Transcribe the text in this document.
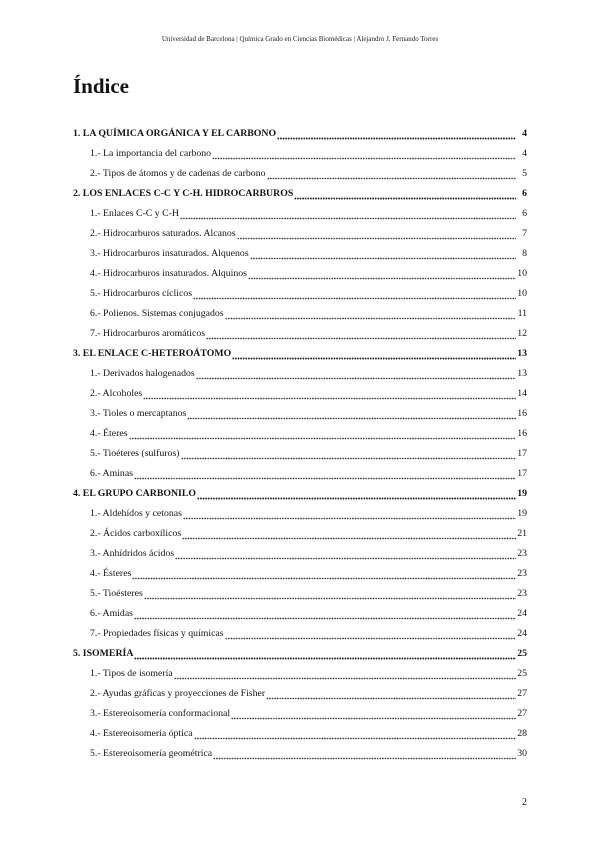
Universidad de Barcelona | Química Grado en Ciencias Biomédicas | Alejandro J. Fernando Torres
Índice
1. LA QUÍMICA ORGÁNICA Y EL CARBONO	4
1.- La importancia del carbono	4
2.- Tipos de átomos y de cadenas de carbono	5
2. LOS ENLACES C-C Y C-H. HIDROCARBUROS	6
1.- Enlaces C-C y C-H	6
2.- Hidrocarburos saturados. Alcanos	7
3.- Hidrocarburos insaturados. Alquenos	8
4.- Hidrocarburos insaturados. Alquinos	10
5.- Hidrocarburos cíclicos	10
6.- Polienos. Sistemas conjugados	11
7.- Hidrocarburos aromáticos	12
3. EL ENLACE C-HETEROÁTOMO	13
1.- Derivados halogenados	13
2.- Alcoholes	14
3.- Tioles o mercaptanos	16
4.- Éteres	16
5.- Tioéteres (sulfuros)	17
6.- Aminas	17
4. EL GRUPO CARBONILO	19
1.- Aldehídos y cetonas	19
2.- Ácidos carboxílicos	21
3.- Anhídridos ácidos	23
4.- Ésteres	23
5.- Tioésteres	23
6.- Amidas	24
7.- Propiedades físicas y químicas	24
5. ISOMERÍA	25
1.- Tipos de isomería	25
2.- Ayudas gráficas y proyecciones de Fisher	27
3.- Estereoisomería conformacional	27
4.- Estereoisomería óptica	28
5.- Estereoisomería geométrica	30
2
